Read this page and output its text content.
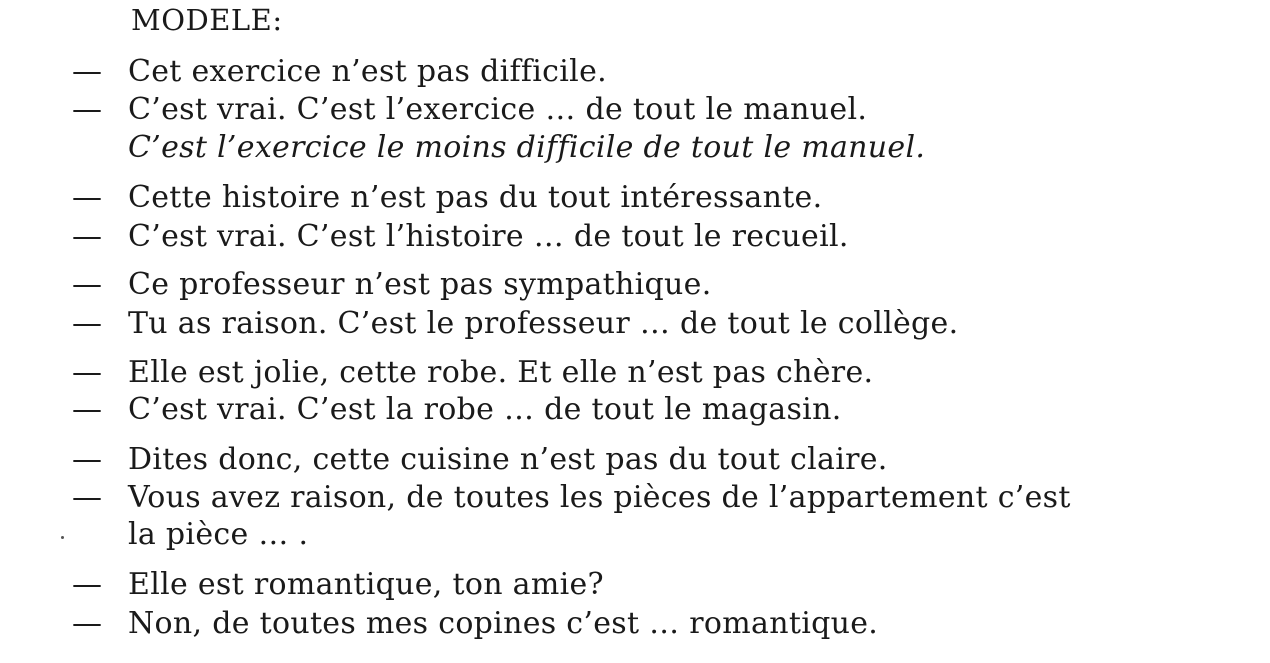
MODELE:
— Cet exercice n’est pas difficile.
— C’est vrai. C’est l’exercice … de tout le manuel.
C’est l’exercice le moins difficile de tout le manuel.
— Cette histoire n’est pas du tout intéressante.
— C’est vrai. C’est l’histoire … de tout le recueil.
— Ce professeur n’est pas sympathique.
— Tu as raison. C’est le professeur … de tout le collège.
— Elle est jolie, cette robe. Et elle n’est pas chère.
— C’est vrai. C’est la robe … de tout le magasin.
— Dites donc, cette cuisine n’est pas du tout claire.
— Vous avez raison, de toutes les pièces de l’appartement c’est
la pièce … .
— Elle est romantique, ton amie?
— Non, de toutes mes copines c’est … romantique.
